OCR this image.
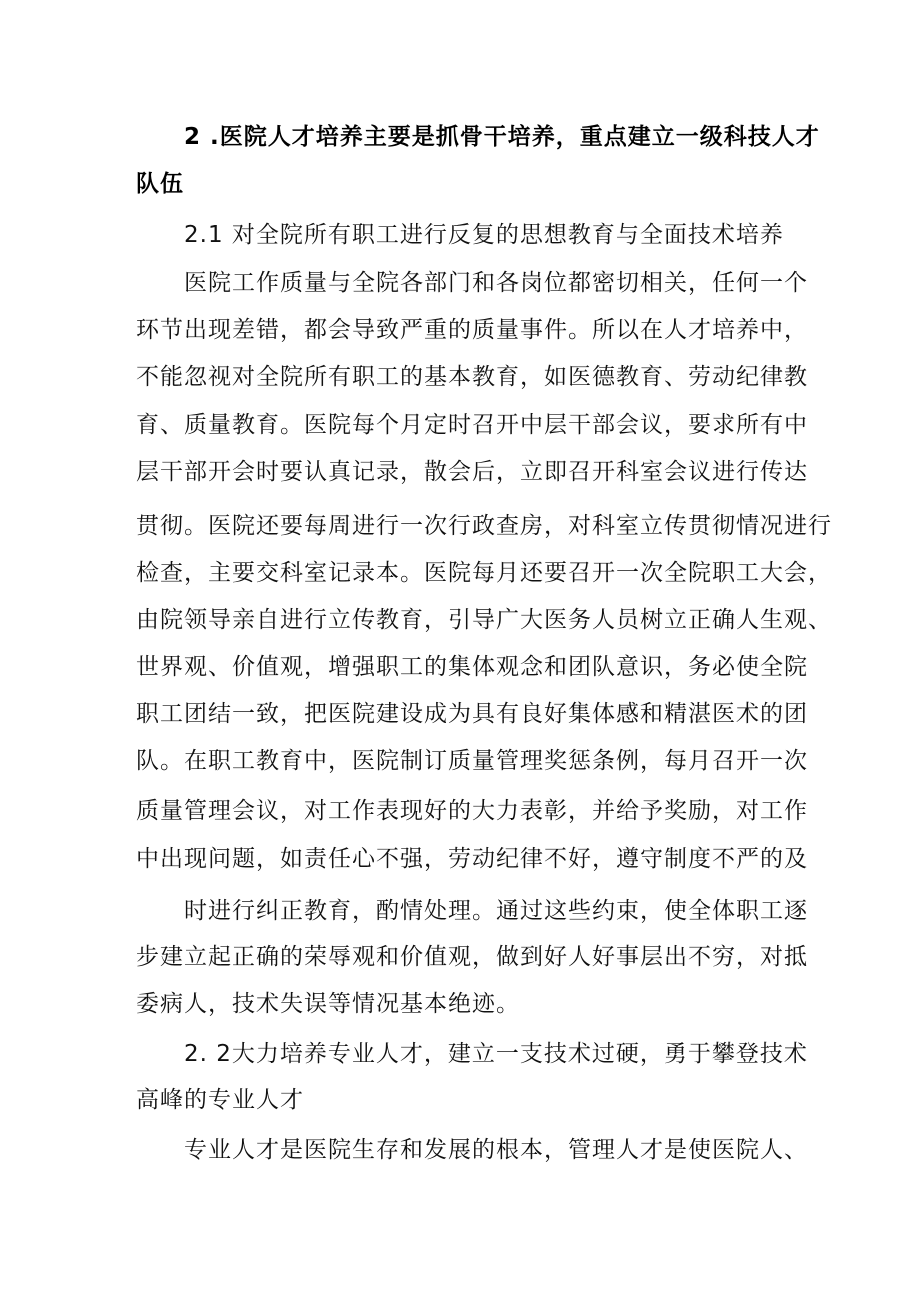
2 .医院人才培养主要是抓骨干培养，重点建立一级科技人才
队伍
2.1 对全院所有职工进行反复的思想教育与全面技术培养
医院工作质量与全院各部门和各岗位都密切相关，任何一个
环节出现差错，都会导致严重的质量事件。所以在人才培养中，
不能忽视对全院所有职工的基本教育，如医德教育、劳动纪律教
育、质量教育。医院每个月定时召开中层干部会议，要求所有中
层干部开会时要认真记录，散会后，立即召开科室会议进行传达
贯彻。医院还要每周进行一次行政查房，对科室立传贯彻情况进行
检查，主要交科室记录本。医院每月还要召开一次全院职工大会，
由院领导亲自进行立传教育，引导广大医务人员树立正确人生观、
世界观、价值观，增强职工的集体观念和团队意识，务必使全院
职工团结一致，把医院建设成为具有良好集体感和精湛医术的团
队。在职工教育中，医院制订质量管理奖惩条例，每月召开一次
质量管理会议，对工作表现好的大力表彰，并给予奖励，对工作
中出现问题，如责任心不强，劳动纪律不好，遵守制度不严的及
时进行纠正教育，酌情处理。通过这些约束，使全体职工逐
步建立起正确的荣辱观和价值观，做到好人好事层出不穷，对抵
委病人，技术失误等情况基本绝迹。
2. 2大力培养专业人才，建立一支技术过硬，勇于攀登技术
高峰的专业人才
专业人才是医院生存和发展的根本，管理人才是使医院人、
